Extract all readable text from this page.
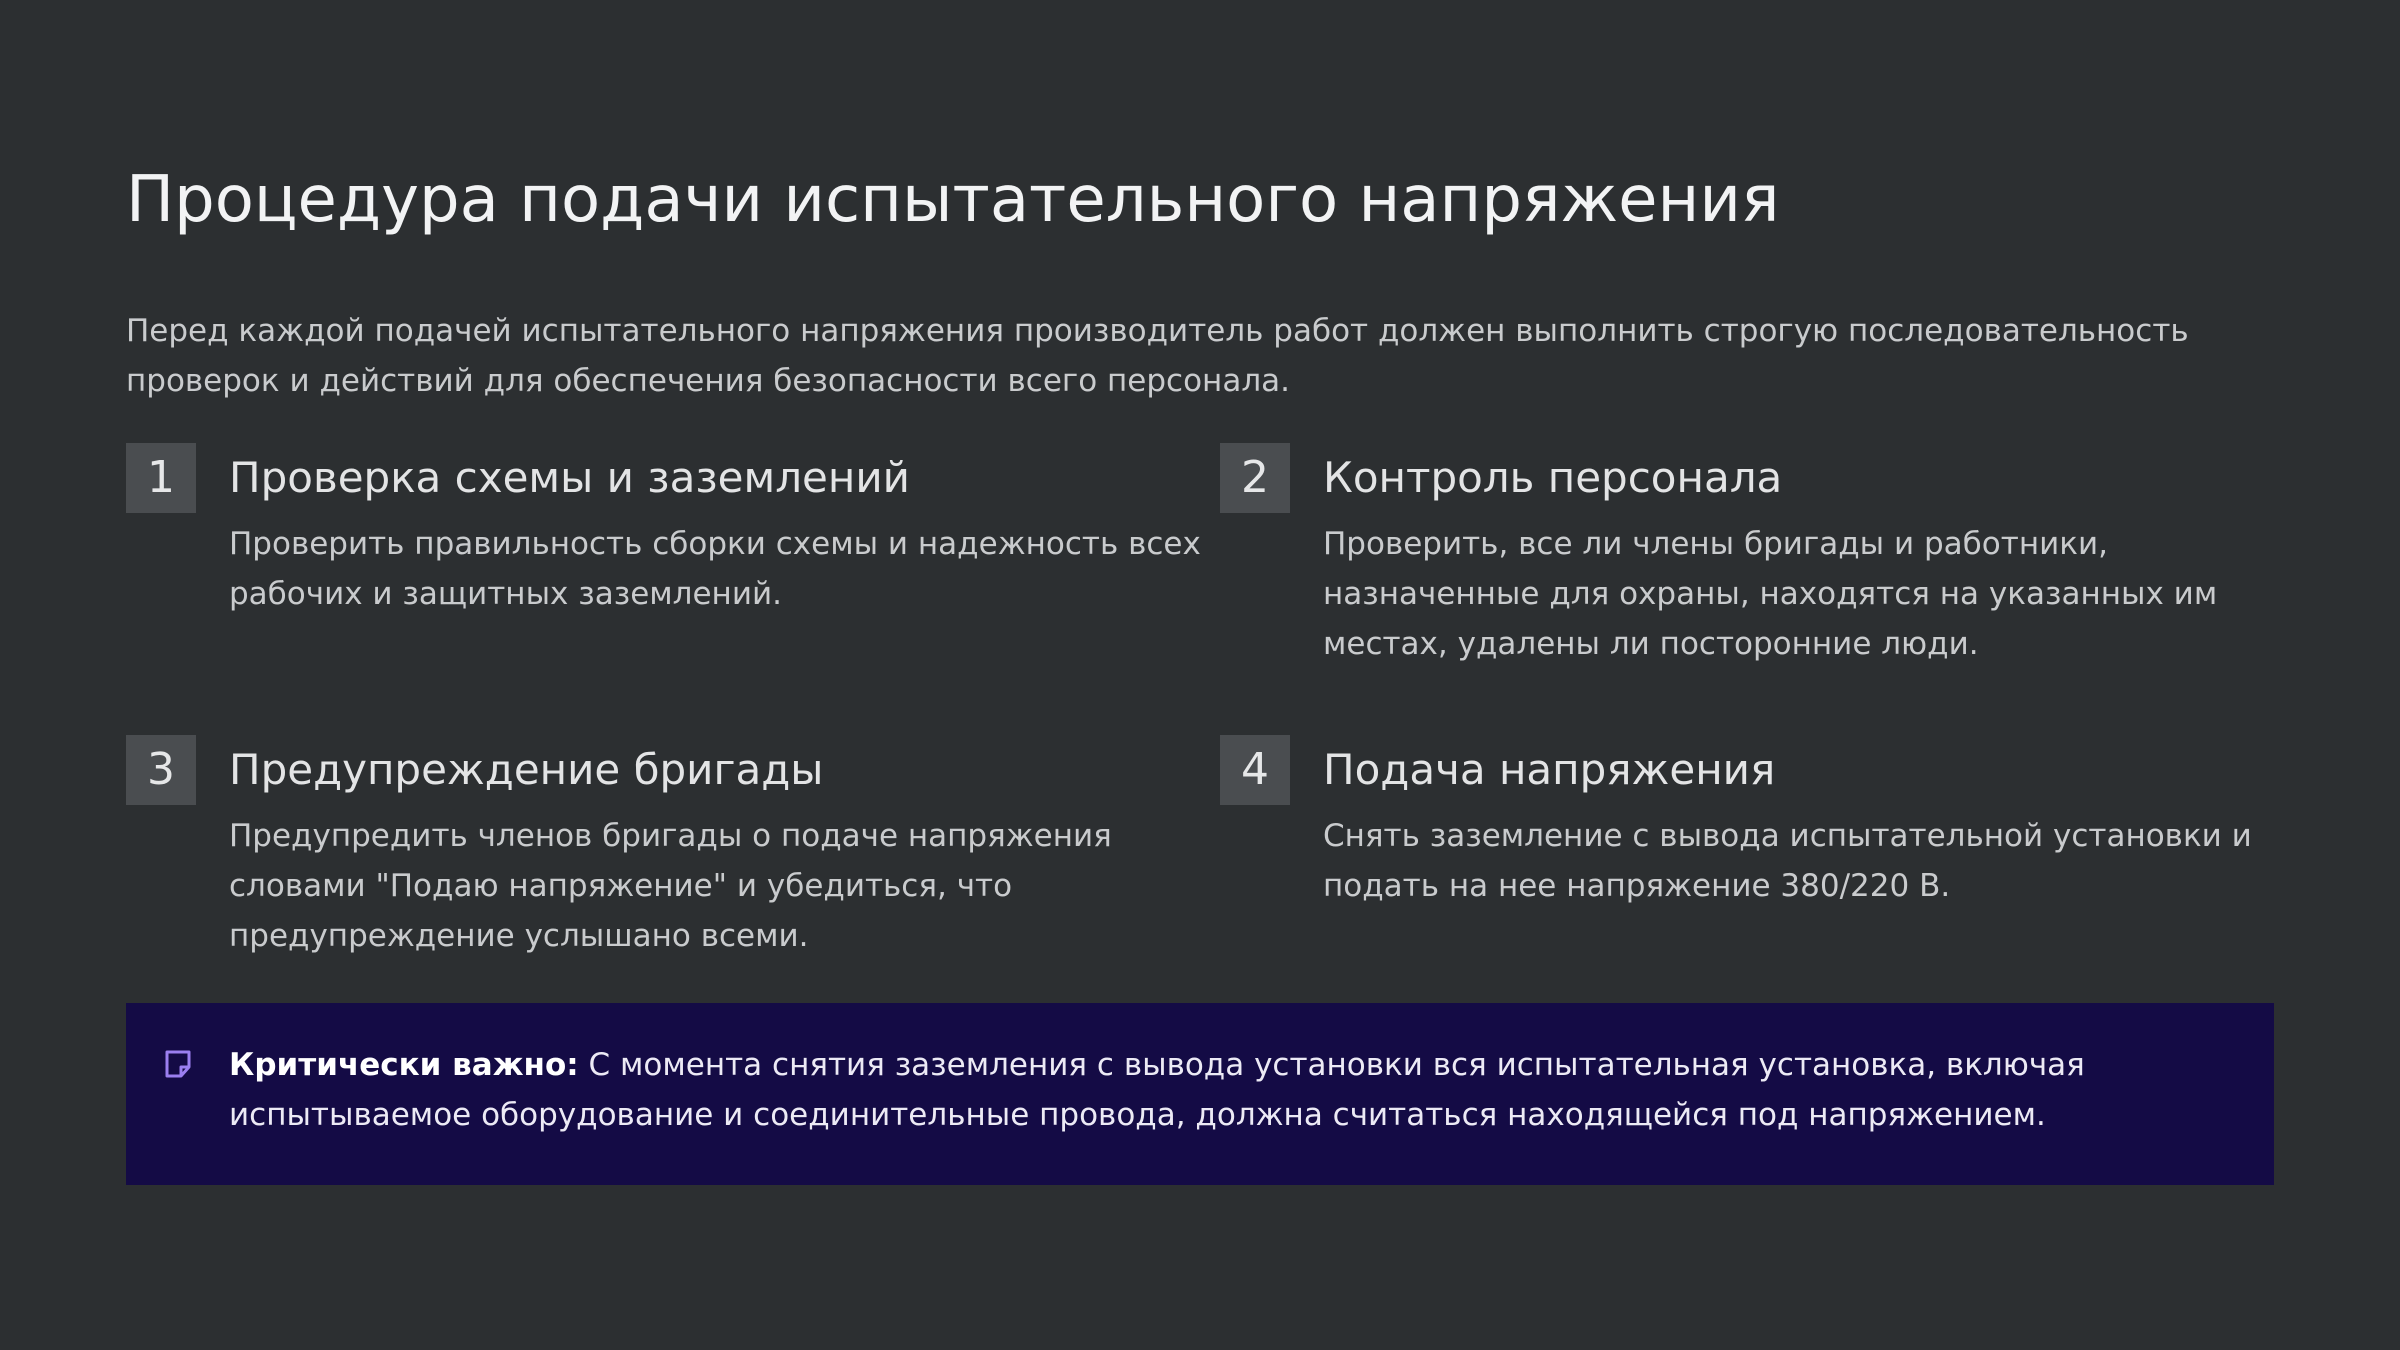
Процедура подачи испытательного напряжения

Перед каждой подачей испытательного напряжения производитель работ должен выполнить строгую последовательность проверок и действий для обеспечения безопасности всего персонала.

1	Проверка схемы и заземлений

Проверить правильность сборки схемы и надежность всех рабочих и защитных заземлений.

2	Контроль персонала

Проверить, все ли члены бригады и работники, назначенные для охраны, находятся на указанных им местах, удалены ли посторонние люди.

3	Предупреждение бригады

Предупредить членов бригады о подаче напряжения словами "Подаю напряжение" и убедиться, что предупреждение услышано всеми.

4	Подача напряжения

Снять заземление с вывода испытательной установки и подать на нее напряжение 380/220 В.

Критически важно: С момента снятия заземления с вывода установки вся испытательная установка, включая испытываемое оборудование и соединительные провода, должна считаться находящейся под напряжением.
